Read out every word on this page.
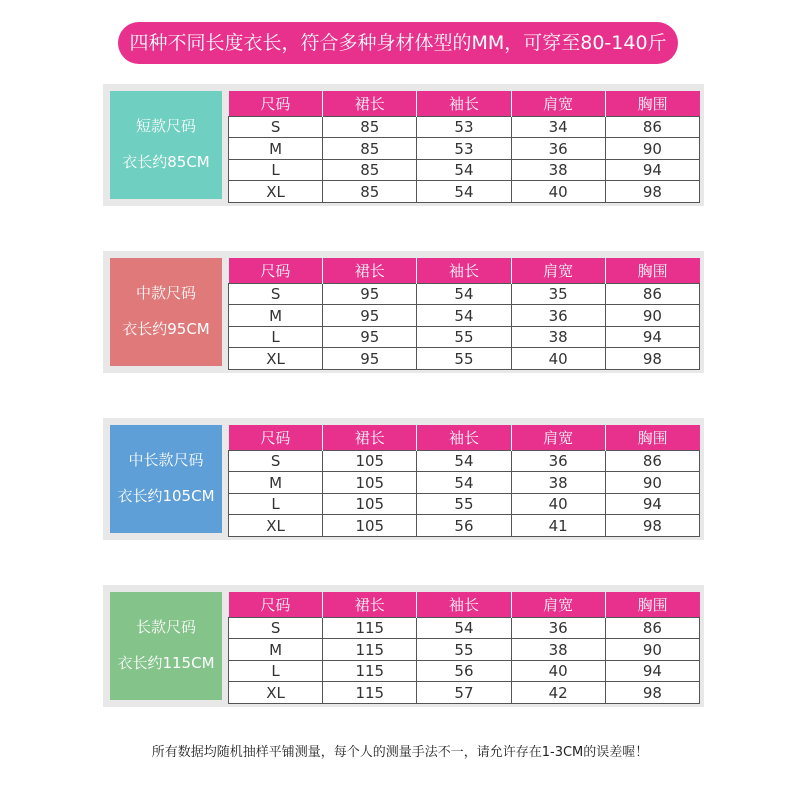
四种不同长度衣长，符合多种身材体型的MM，可穿至80-140斤
短款尺码
衣长约85CM
尺码	裙长	袖长	肩宽	胸围
S	85	53	34	86
M	85	53	36	90
L	85	54	38	94
XL	85	54	40	98
中款尺码
衣长约95CM
尺码	裙长	袖长	肩宽	胸围
S	95	54	35	86
M	95	54	36	90
L	95	55	38	94
XL	95	55	40	98
中长款尺码
衣长约105CM
尺码	裙长	袖长	肩宽	胸围
S	105	54	36	86
M	105	54	38	90
L	105	55	40	94
XL	105	56	41	98
长款尺码
衣长约115CM
尺码	裙长	袖长	肩宽	胸围
S	115	54	36	86
M	115	55	38	90
L	115	56	40	94
XL	115	57	42	98
所有数据均随机抽样平铺测量，每个人的测量手法不一，请允许存在1-3CM的误差喔！
